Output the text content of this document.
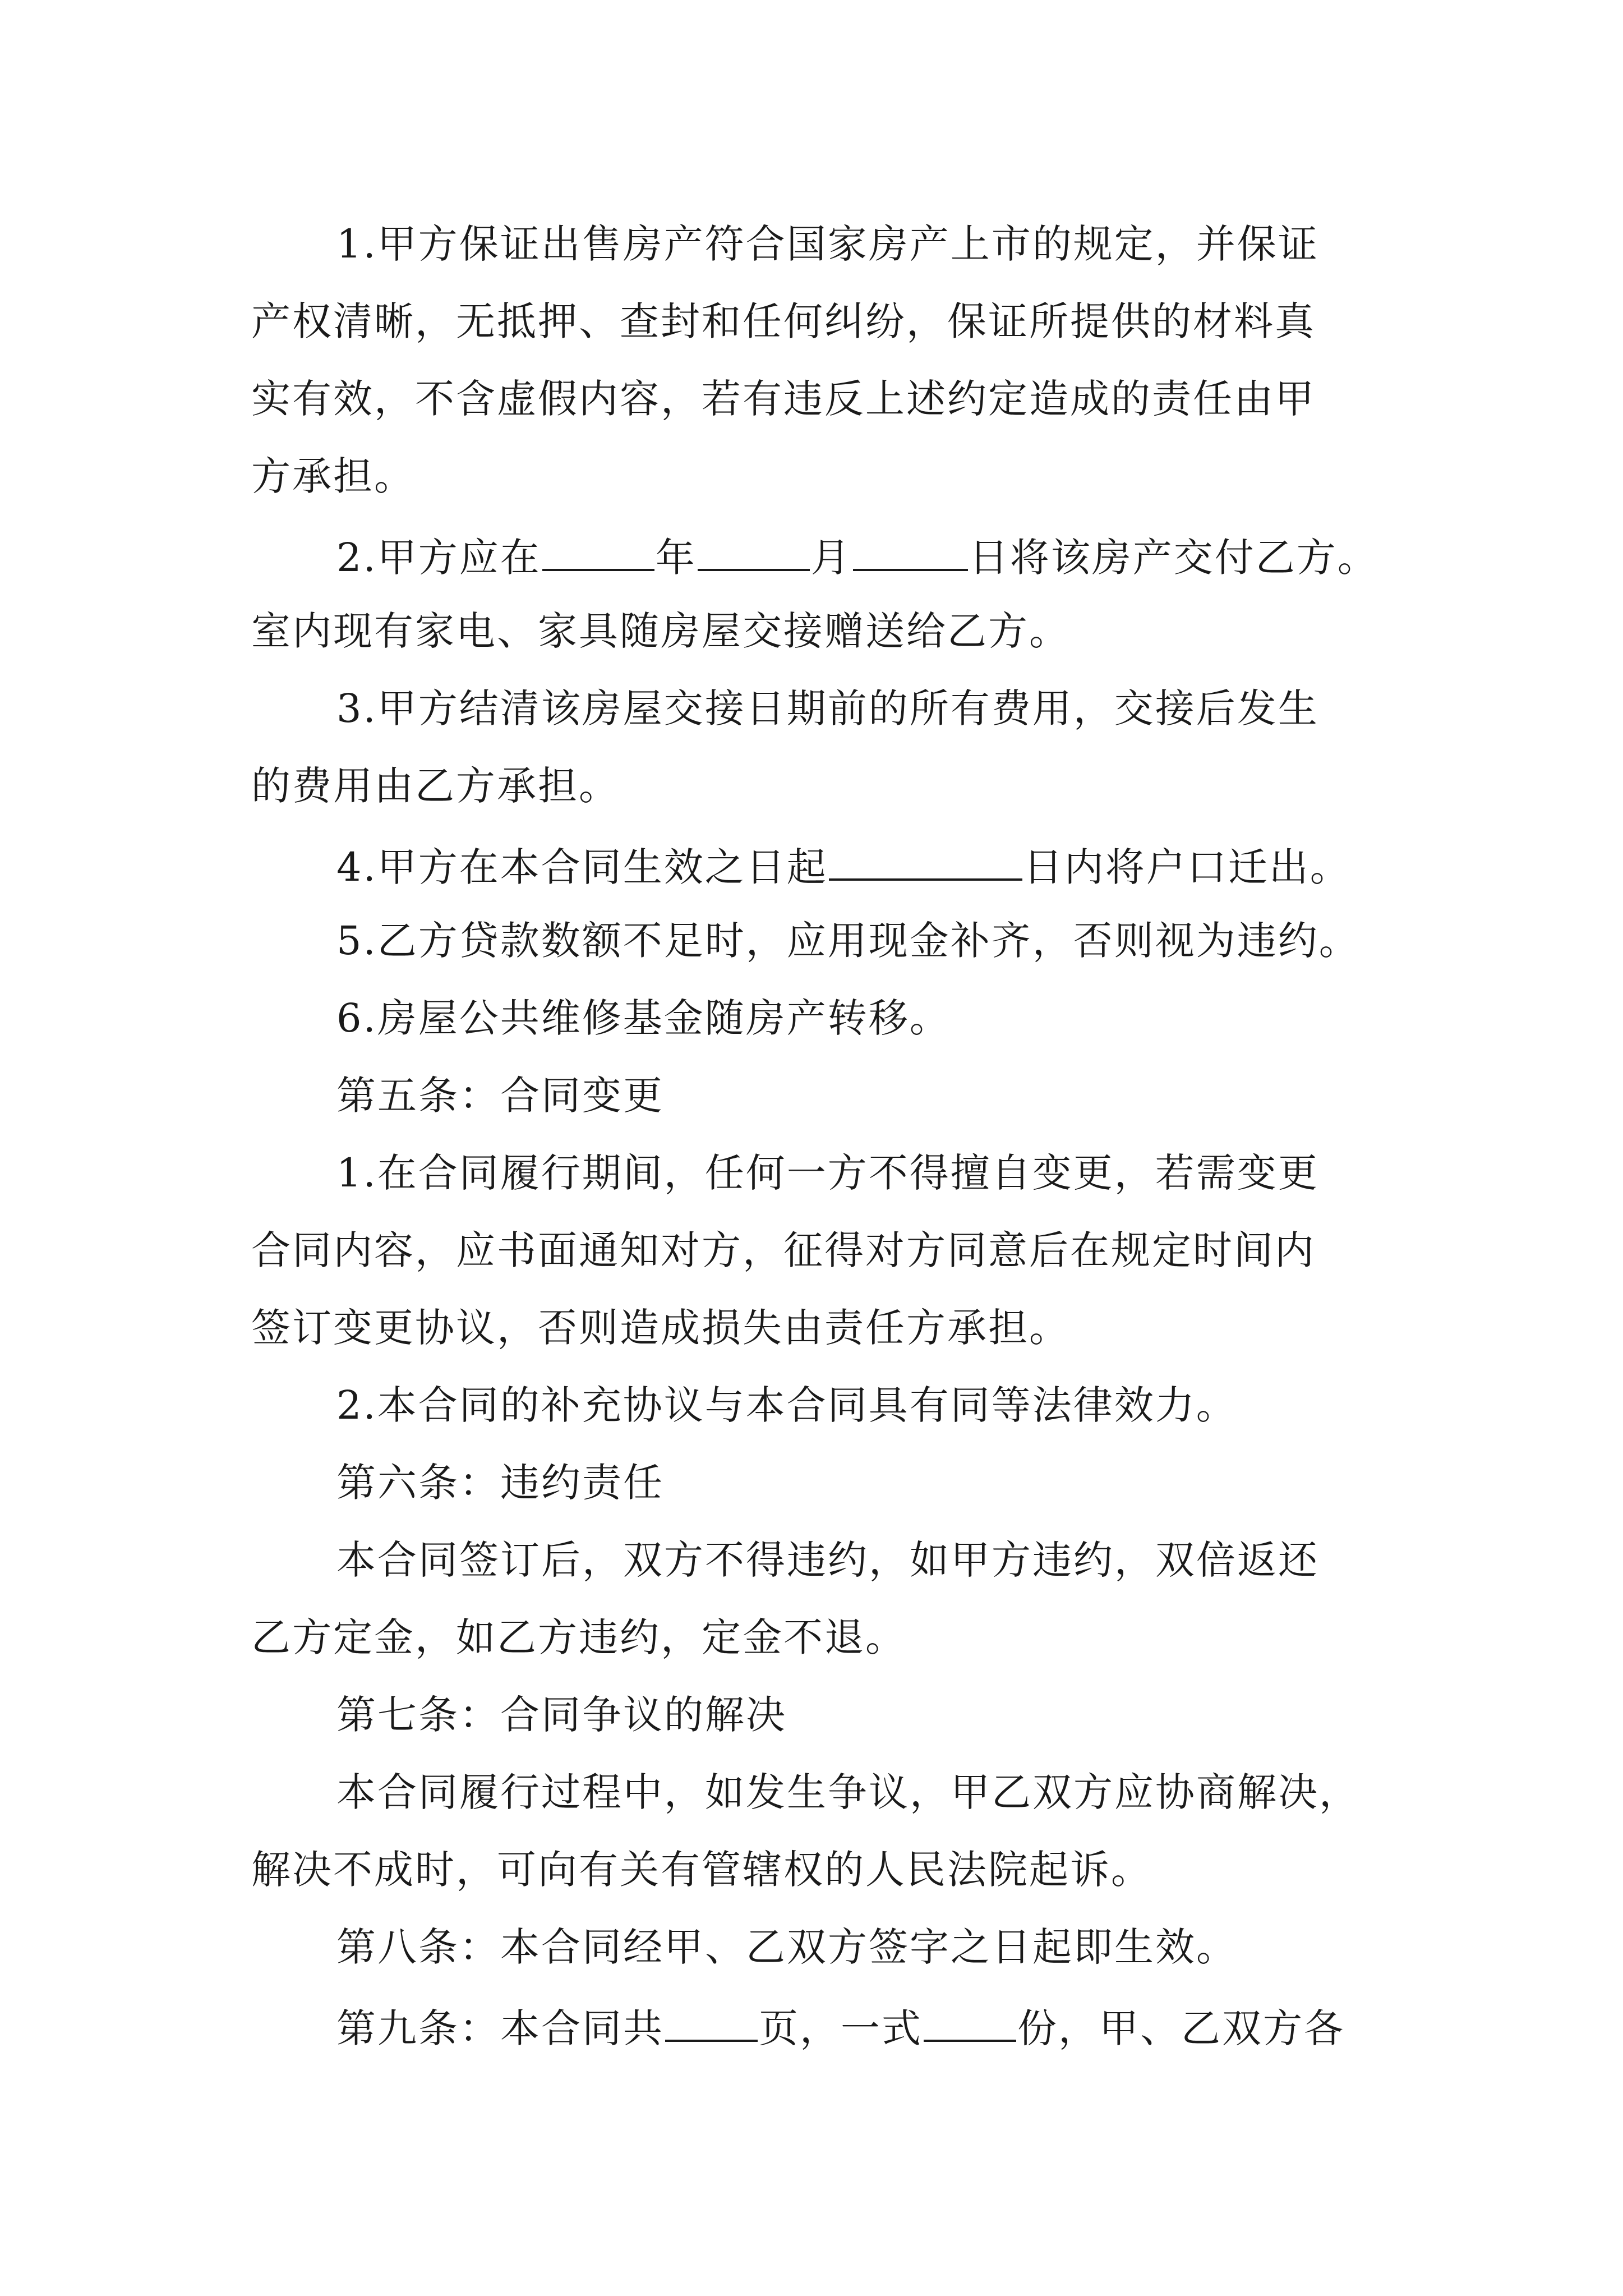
1.甲方保证出售房产符合国家房产上市的规定，并保证
产权清晰，无抵押、查封和任何纠纷，保证所提供的材料真
实有效，不含虚假内容，若有违反上述约定造成的责任由甲
方承担。
2.甲方应在	年	月	日将该房产交付乙方。
室内现有家电、家具随房屋交接赠送给乙方。
3.甲方结清该房屋交接日期前的所有费用，交接后发生
的费用由乙方承担。
4.甲方在本合同生效之日起	日内将户口迁出。
5.乙方贷款数额不足时，应用现金补齐，否则视为违约。
6.房屋公共维修基金随房产转移。
第五条：合同变更
1.在合同履行期间，任何一方不得擅自变更，若需变更
合同内容，应书面通知对方，征得对方同意后在规定时间内
签订变更协议，否则造成损失由责任方承担。
2.本合同的补充协议与本合同具有同等法律效力。
第六条：违约责任
本合同签订后，双方不得违约，如甲方违约，双倍返还
乙方定金，如乙方违约，定金不退。
第七条：合同争议的解决
本合同履行过程中，如发生争议，甲乙双方应协商解决，
解决不成时，可向有关有管辖权的人民法院起诉。
第八条：本合同经甲、乙双方签字之日起即生效。
第九条：本合同共 页，一式 份，甲、乙双方各
